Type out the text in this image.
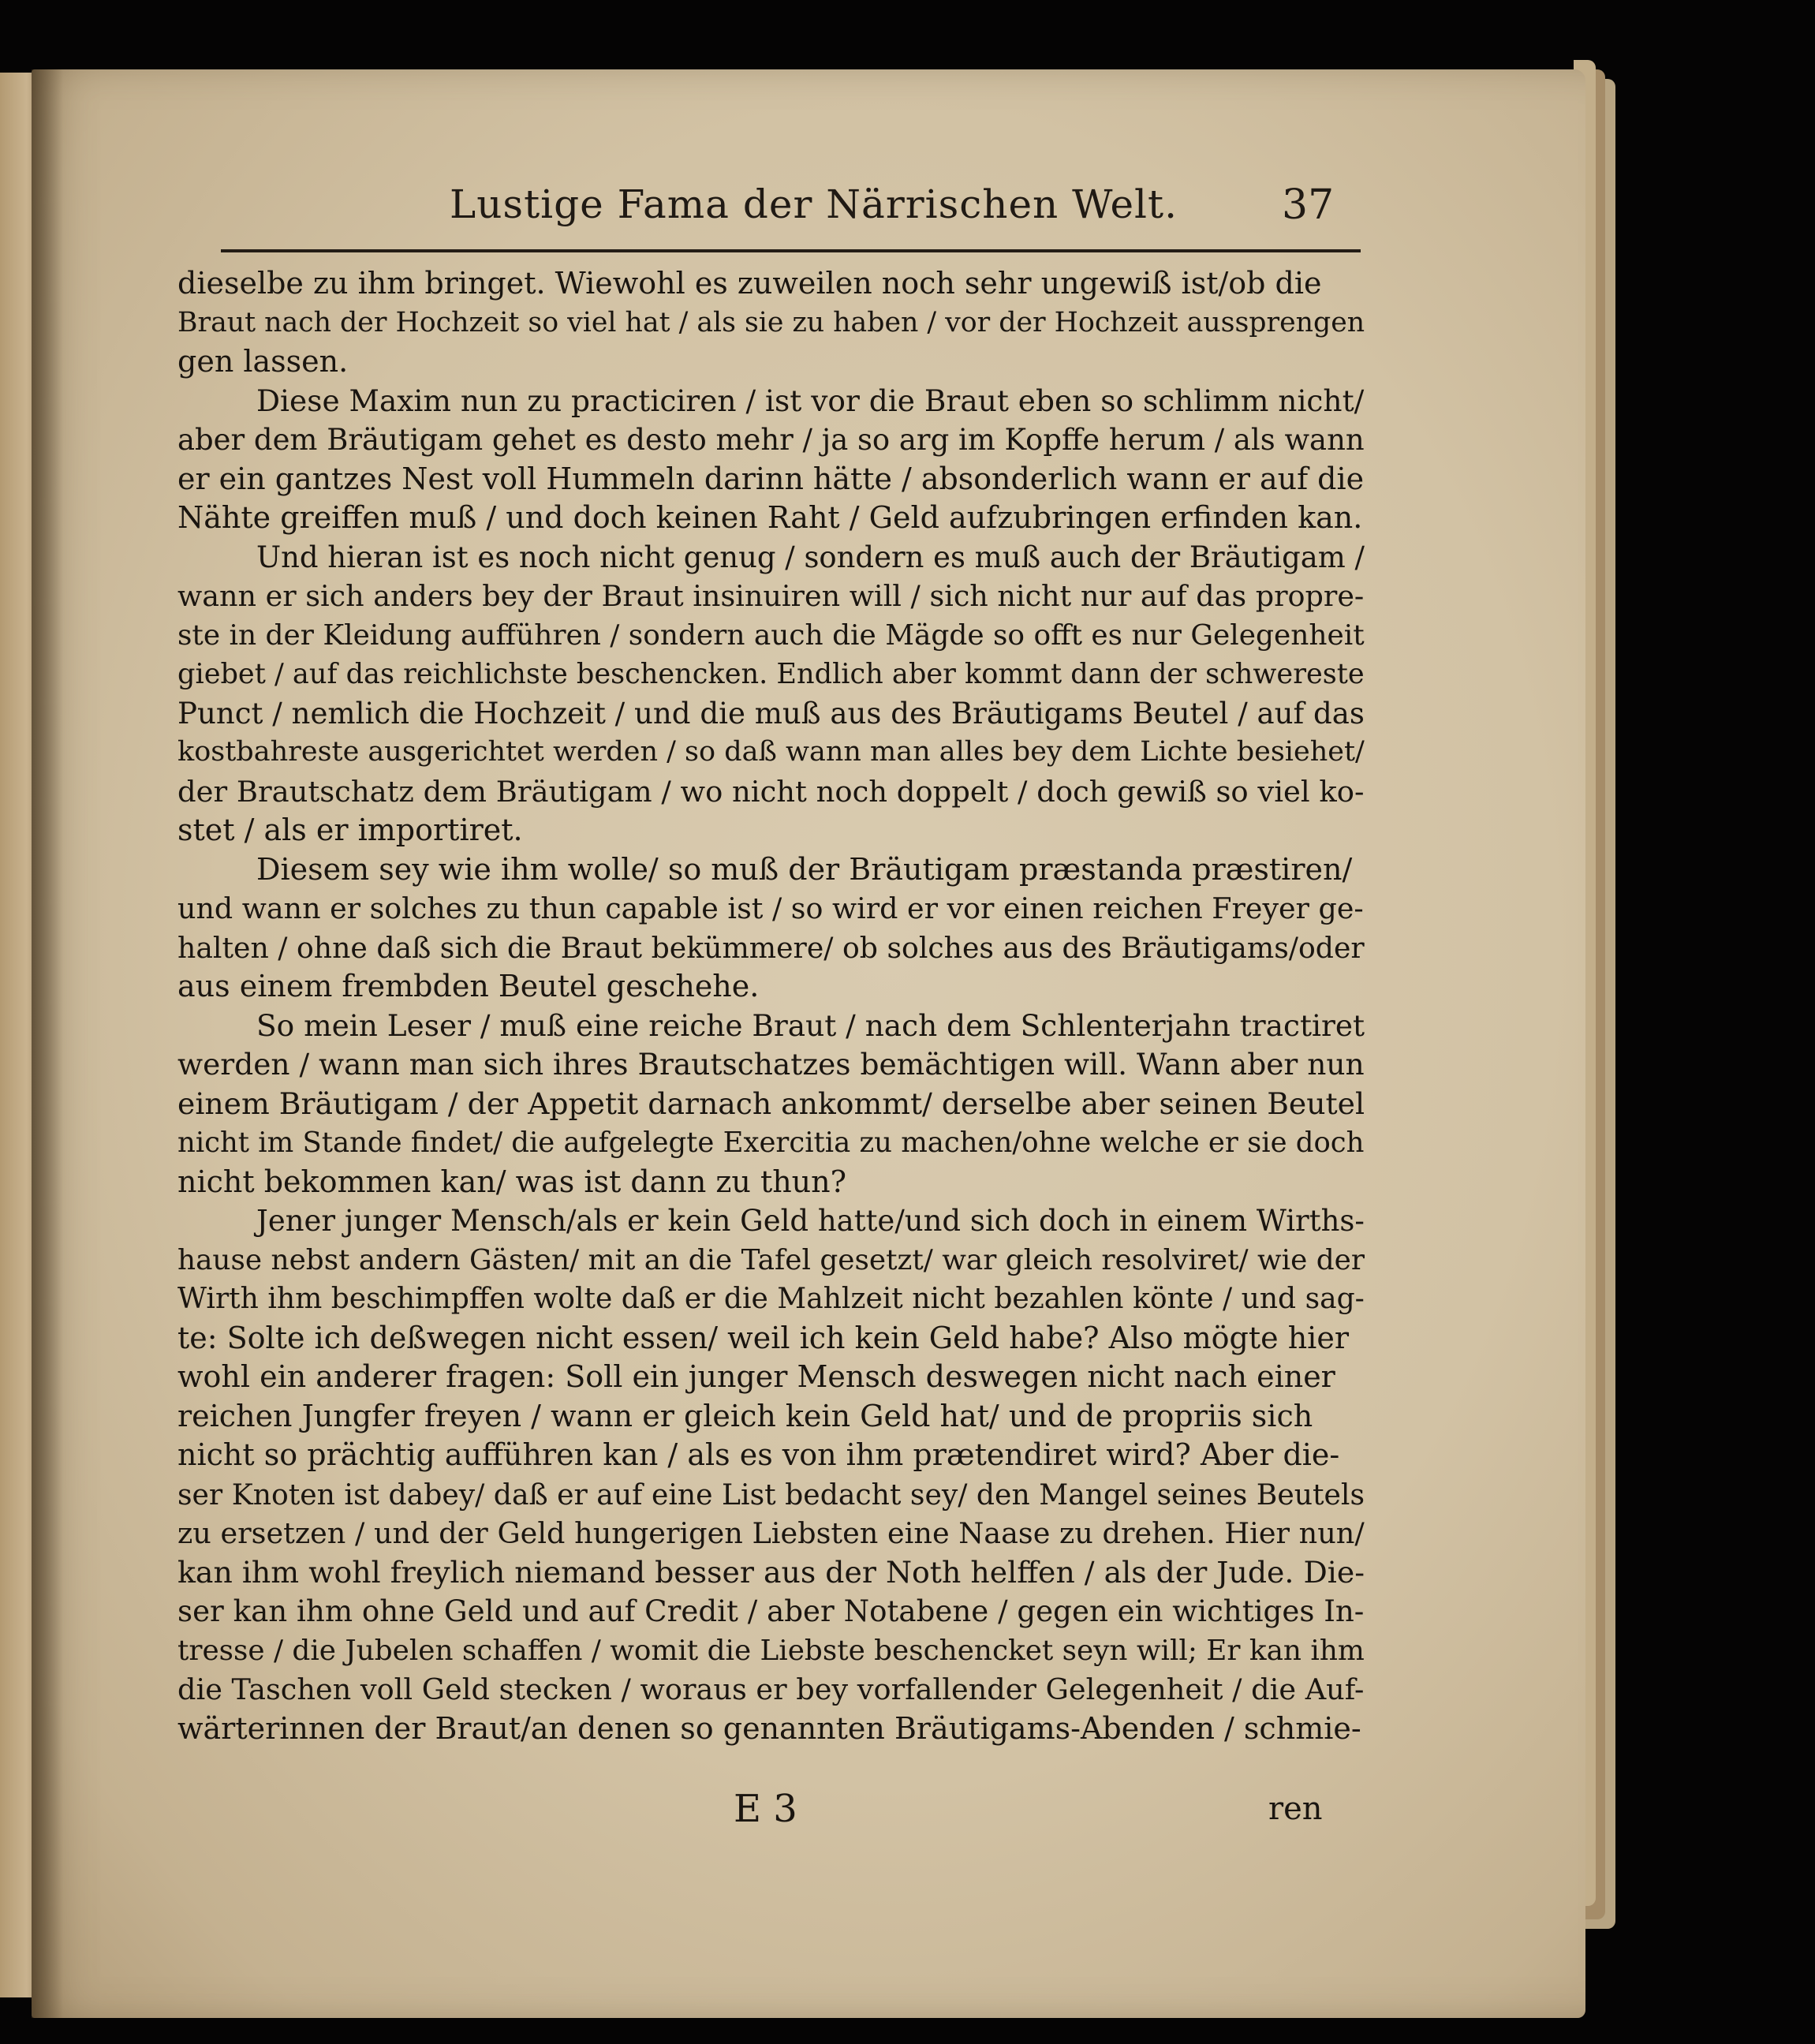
Lustige Fama der Närrischen Welt.	37
dieselbe zu ihm bringet. Wiewohl es zuweilen noch sehr ungewiß ist/ob die
Braut nach der Hochzeit so viel hat / als sie zu haben / vor der Hochzeit aussprengen
gen lassen.
Diese Maxim nun zu practiciren / ist vor die Braut eben so schlimm nicht/
aber dem Bräutigam gehet es desto mehr / ja so arg im Kopffe herum / als wann
er ein gantzes Nest voll Hummeln darinn hätte / absonderlich wann er auf die
Nähte greiffen muß / und doch keinen Raht / Geld aufzubringen erfinden kan.
Und hieran ist es noch nicht genug / sondern es muß auch der Bräutigam /
wann er sich anders bey der Braut insinuiren will / sich nicht nur auf das propre-
ste in der Kleidung aufführen / sondern auch die Mägde so offt es nur Gelegenheit
giebet / auf das reichlichste beschencken. Endlich aber kommt dann der schwereste
Punct / nemlich die Hochzeit / und die muß aus des Bräutigams Beutel / auf das
kostbahreste ausgerichtet werden / so daß wann man alles bey dem Lichte besiehet/
der Brautschatz dem Bräutigam / wo nicht noch doppelt / doch gewiß so viel ko-
stet / als er importiret.
Diesem sey wie ihm wolle/ so muß der Bräutigam præstanda præstiren/
und wann er solches zu thun capable ist / so wird er vor einen reichen Freyer ge-
halten / ohne daß sich die Braut bekümmere/ ob solches aus des Bräutigams/oder
aus einem frembden Beutel geschehe.
So mein Leser / muß eine reiche Braut / nach dem Schlenterjahn tractiret
werden / wann man sich ihres Brautschatzes bemächtigen will. Wann aber nun
einem Bräutigam / der Appetit darnach ankommt/ derselbe aber seinen Beutel
nicht im Stande findet/ die aufgelegte Exercitia zu machen/ohne welche er sie doch
nicht bekommen kan/ was ist dann zu thun?
Jener junger Mensch/als er kein Geld hatte/und sich doch in einem Wirths-
hause nebst andern Gästen/ mit an die Tafel gesetzt/ war gleich resolviret/ wie der
Wirth ihm beschimpffen wolte daß er die Mahlzeit nicht bezahlen könte / und sag-
te: Solte ich deßwegen nicht essen/ weil ich kein Geld habe? Also mögte hier
wohl ein anderer fragen: Soll ein junger Mensch deswegen nicht nach einer
reichen Jungfer freyen / wann er gleich kein Geld hat/ und de propriis sich
nicht so prächtig aufführen kan / als es von ihm prætendiret wird? Aber die-
ser Knoten ist dabey/ daß er auf eine List bedacht sey/ den Mangel seines Beutels
zu ersetzen / und der Geld hungerigen Liebsten eine Naase zu drehen. Hier nun/
kan ihm wohl freylich niemand besser aus der Noth helffen / als der Jude. Die-
ser kan ihm ohne Geld und auf Credit / aber Notabene / gegen ein wichtiges In-
tresse / die Jubelen schaffen / womit die Liebste beschencket seyn will; Er kan ihm
die Taschen voll Geld stecken / woraus er bey vorfallender Gelegenheit / die Auf-
wärterinnen der Braut/an denen so genannten Bräutigams-Abenden / schmie-
E 3	ren
